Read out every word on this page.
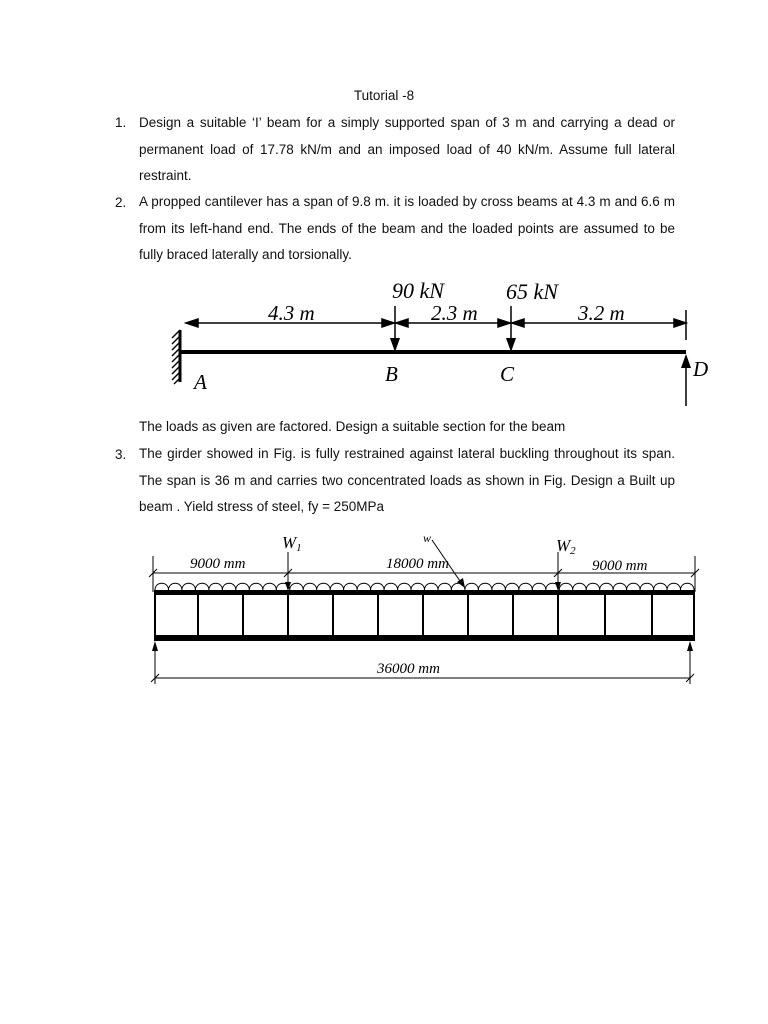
Tutorial -8
1. Design a suitable ‘I’ beam for a simply supported span of 3 m and carrying a dead or permanent load of 17.78 kN/m and an imposed load of 40 kN/m. Assume full lateral restraint.
2. A propped cantilever has a span of 9.8 m. it is loaded by cross beams at 4.3 m and 6.6 m from its left-hand end. The ends of the beam and the loaded points are assumed to be fully braced laterally and torsionally.
90 kN	65 kN
4.3 m	2.3 m	3.2 m
A	B	C	D
The loads as given are factored. Design a suitable section for the beam
3. The girder showed in Fig. is fully restrained against lateral buckling throughout its span. The span is 36 m and carries two concentrated loads as shown in Fig. Design a Built up beam . Yield stress of steel, fy = 250MPa
W1
w	W2
9000 mm	18000 mm	9000 mm
36000 mm
